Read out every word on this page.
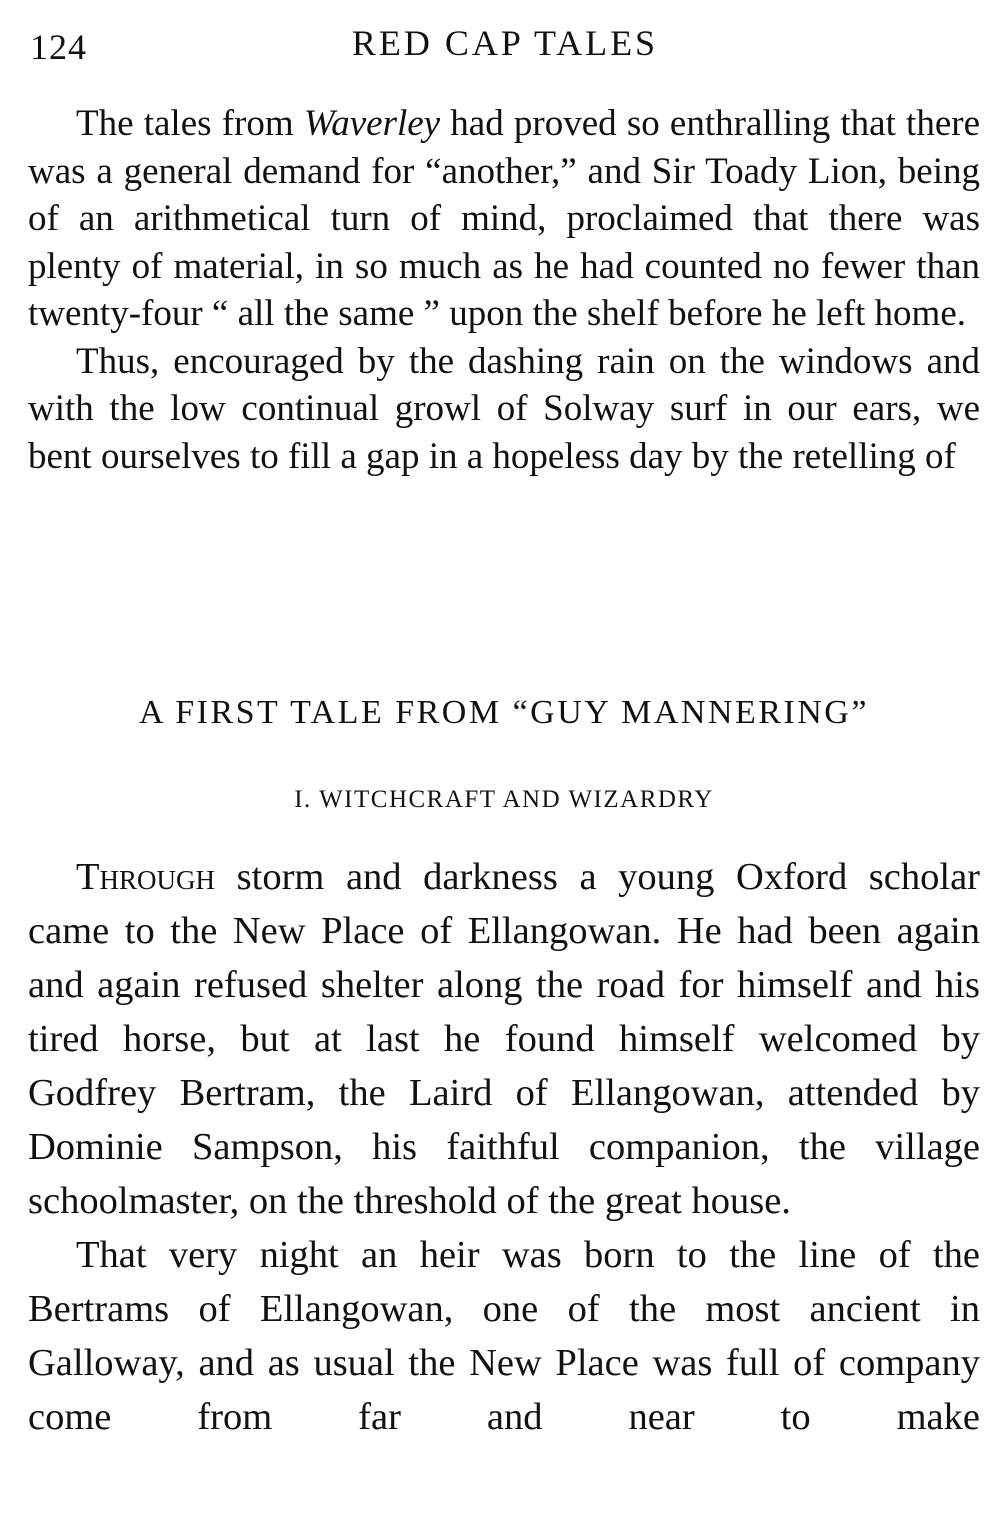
124	RED CAP TALES

The tales from Waverley had proved so enthralling that there was a general demand for “another,” and Sir Toady Lion, being of an arithmetical turn of mind, proclaimed that there was plenty of material, in so much as he had counted no fewer than twenty-four “ all the same ” upon the shelf before he left home.

Thus, encouraged by the dashing rain on the windows and with the low continual growl of Solway surf in our ears, we bent ourselves to fill a gap in a hopeless day by the retelling of

A FIRST TALE FROM “GUY MANNERING”
I. WITCHCRAFT AND WIZARDRY

Through storm and darkness a young Oxford scholar came to the New Place of Ellangowan. He had been again and again refused shelter along the road for himself and his tired horse, but at last he found himself welcomed by Godfrey Bertram, the Laird of Ellangowan, attended by Dominie Sampson, his faithful companion, the village schoolmaster, on the threshold of the great house.

That very night an heir was born to the line of the Bertrams of Ellangowan, one of the most ancient in Galloway, and as usual the New Place was full of company come from far and near to make
